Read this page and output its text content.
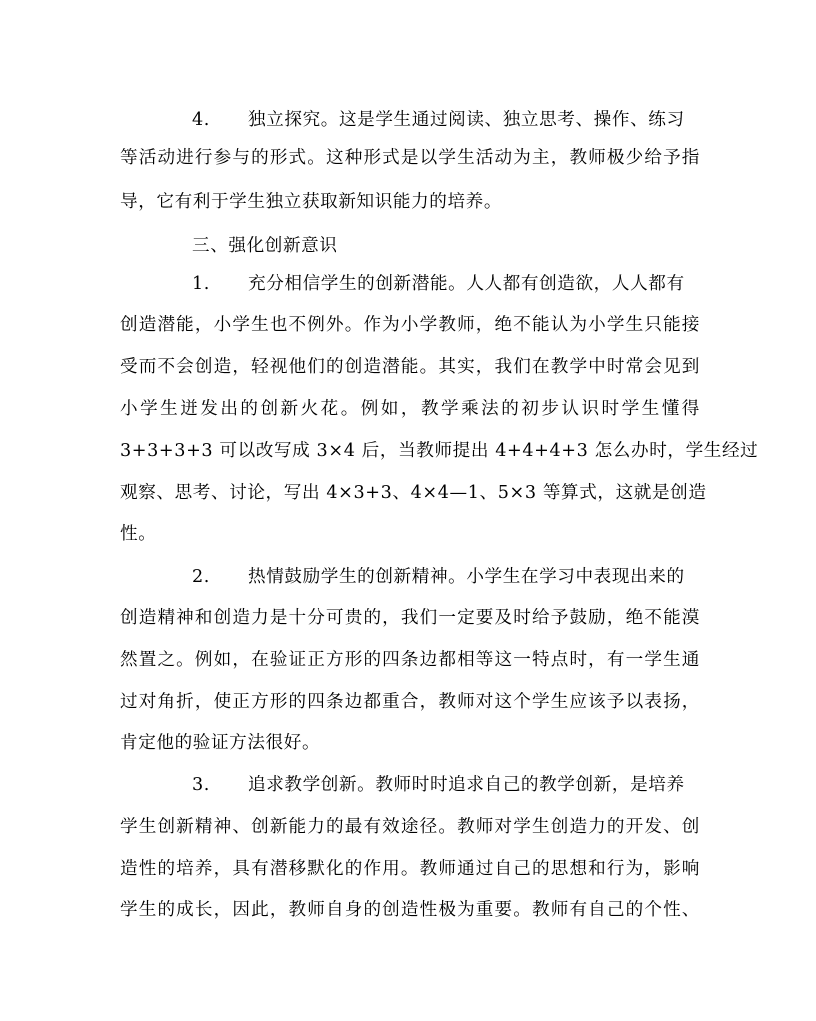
4. 独立探究。这是学生通过阅读、独立思考、操作、练习
等活动进行参与的形式。这种形式是以学生活动为主，教师极少给予指
导，它有利于学生独立获取新知识能力的培养。
三、强化创新意识
1. 充分相信学生的创新潜能。人人都有创造欲，人人都有
创造潜能，小学生也不例外。作为小学教师，绝不能认为小学生只能接
受而不会创造，轻视他们的创造潜能。其实，我们在教学中时常会见到
小学生迸发出的创新火花。例如，教学乘法的初步认识时学生懂得
3+3+3+3 可以改写成 3×4 后，当教师提出 4+4+4+3 怎么办时，学生经过
观察、思考、讨论，写出 4×3+3、4×4—1、5×3 等算式，这就是创造
性。
2. 热情鼓励学生的创新精神。小学生在学习中表现出来的
创造精神和创造力是十分可贵的，我们一定要及时给予鼓励，绝不能漠
然置之。例如，在验证正方形的四条边都相等这一特点时，有一学生通
过对角折，使正方形的四条边都重合，教师对这个学生应该予以表扬，
肯定他的验证方法很好。
3. 追求教学创新。教师时时追求自己的教学创新，是培养
学生创新精神、创新能力的最有效途径。教师对学生创造力的开发、创
造性的培养，具有潜移默化的作用。教师通过自己的思想和行为，影响
学生的成长，因此，教师自身的创造性极为重要。教师有自己的个性、
